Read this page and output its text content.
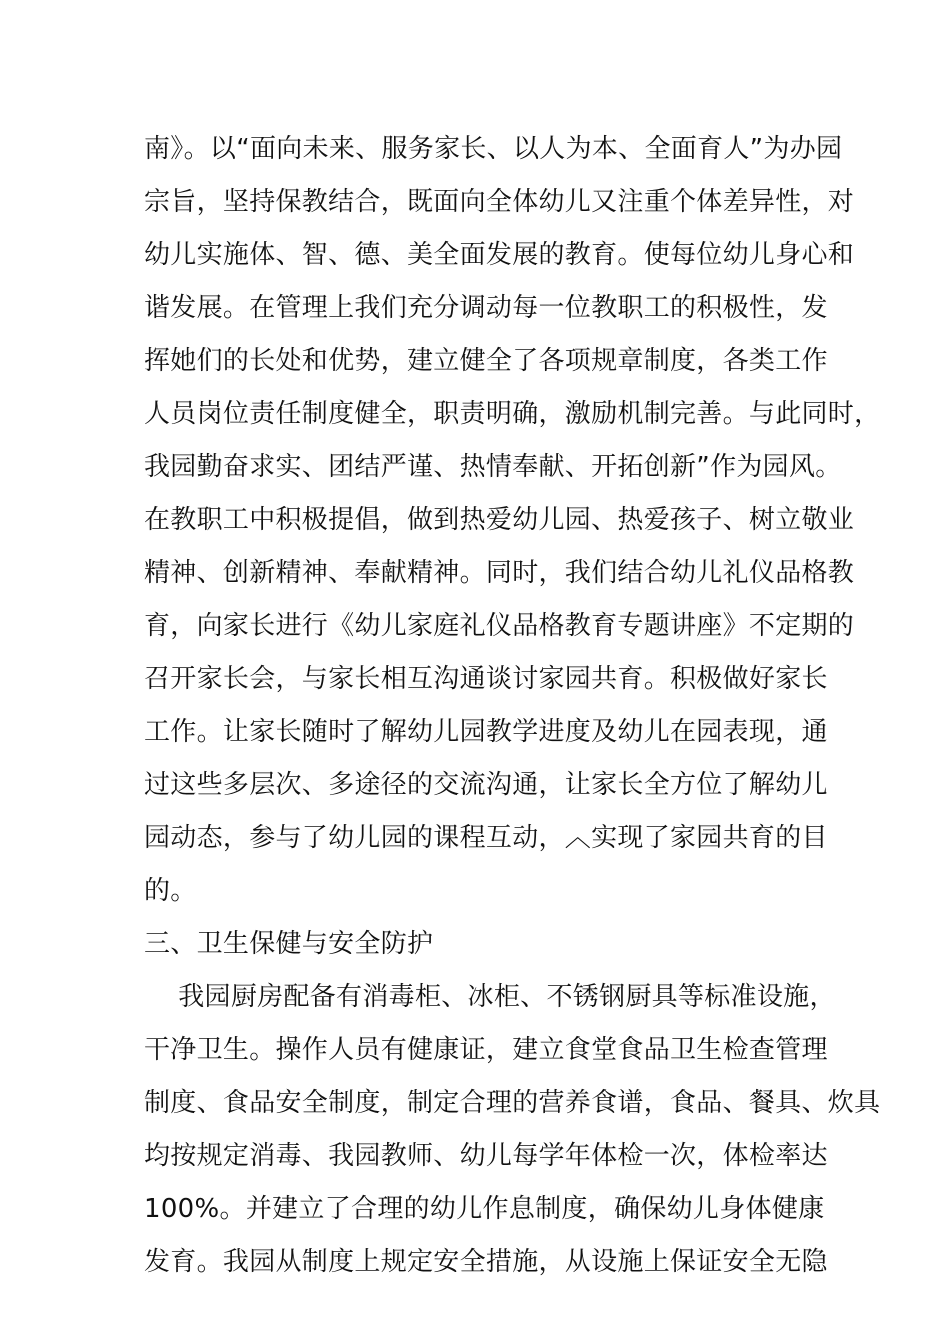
南》。以“面向未来、服务家长、以人为本、全面育人”为办园
宗旨，坚持保教结合，既面向全体幼儿又注重个体差异性，对
幼儿实施体、智、德、美全面发展的教育。使每位幼儿身心和
谐发展。在管理上我们充分调动每一位教职工的积极性，发
挥她们的长处和优势，建立健全了各项规章制度，各类工作
人员岗位责任制度健全，职责明确，激励机制完善。与此同时，
我园勤奋求实、团结严谨、热情奉献、开拓创新”作为园风。
在教职工中积极提倡，做到热爱幼儿园、热爱孩子、树立敬业
精神、创新精神、奉献精神。同时，我们结合幼儿礼仪品格教
育，向家长进行《幼儿家庭礼仪品格教育专题讲座》不定期的
召开家长会，与家长相互沟通谈讨家园共育。积极做好家长
工作。让家长随时了解幼儿园教学进度及幼儿在园表现，通
过这些多层次、多途径的交流沟通，让家长全方位了解幼儿
园动态，参与了幼儿园的课程互动，︿实现了家园共育的目
的。
三、卫生保健与安全防护
我园厨房配备有消毒柜、冰柜、不锈钢厨具等标准设施，
干净卫生。操作人员有健康证，建立食堂食品卫生检查管理
制度、食品安全制度，制定合理的营养食谱，食品、餐具、炊具
均按规定消毒、我园教师、幼儿每学年体检一次，体检率达
100%。并建立了合理的幼儿作息制度，确保幼儿身体健康
发育。我园从制度上规定安全措施，从设施上保证安全无隐
